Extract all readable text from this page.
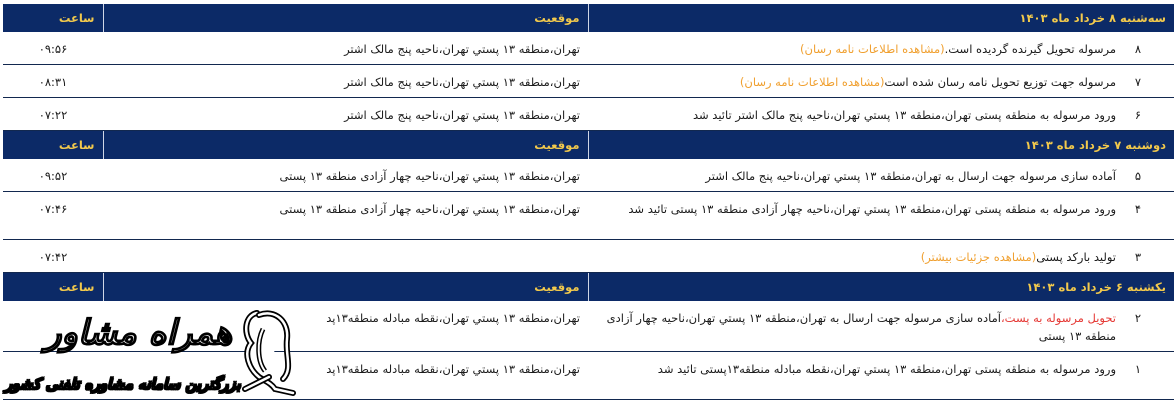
سه‌شنبه ۸ خرداد ماه ۱۴۰۳	موقعیت	ساعت

۸
مرسوله تحویل گیرنده گردیده است.(مشاهده اطلاعات نامه رسان)	تهران،منطقه ۱۳ پستي تهران،ناحیه پنج مالک اشتر	۰۹:۵۶

۷
مرسوله جهت توزیع تحویل نامه رسان شده است(مشاهده اطلاعات نامه رسان)	تهران،منطقه ۱۳ پستي تهران،ناحیه پنج مالک اشتر	۰۸:۳۱

۶
ورود مرسوله به منطقه پستی تهران،منطقه ۱۳ پستي تهران،ناحیه پنج مالک اشتر تائید شد	تهران،منطقه ۱۳ پستي تهران،ناحیه پنج مالک اشتر	۰۷:۲۲
دوشنبه ۷ خرداد ماه ۱۴۰۳	موقعیت	ساعت

۵
آماده سازی مرسوله جهت ارسال به تهران،منطقه ۱۳ پستي تهران،ناحیه پنج مالک اشتر	تهران،منطقه ۱۳ پستي تهران،ناحیه چهار آزادی منطقه ۱۳ پستی	۰۹:۵۲

۴
ورود مرسوله به منطقه پستی تهران،منطقه ۱۳ پستي تهران،ناحیه چهار آزادی منطقه ۱۳ پستی تائید شد	تهران،منطقه ۱۳ پستي تهران،ناحیه چهار آزادی منطقه ۱۳ پستی	۰۷:۴۶

۳
تولید بارکد پستی(مشاهده جزئیات بیشتر)		۰۷:۴۲
یکشنبه ۶ خرداد ماه ۱۴۰۳	موقعیت	ساعت

۲
تحویل مرسوله به پست،آماده سازی مرسوله جهت ارسال به تهران،منطقه ۱۳ پستي تهران،ناحیه چهار آزادی منطقه ۱۳ پستی	تهران،منطقه ۱۳ پستي تهران،نقطه مبادله منطقه۱۳پد	

۱
ورود مرسوله به منطقه پستی تهران،منطقه ۱۳ پستي تهران،نقطه مبادله منطقه۱۳پستی تائید شد	تهران،منطقه ۱۳ پستي تهران،نقطه مبادله منطقه۱۳پد	
همراه مشاور
بزرگترین سامانه مشاوره تلفنی کشور
